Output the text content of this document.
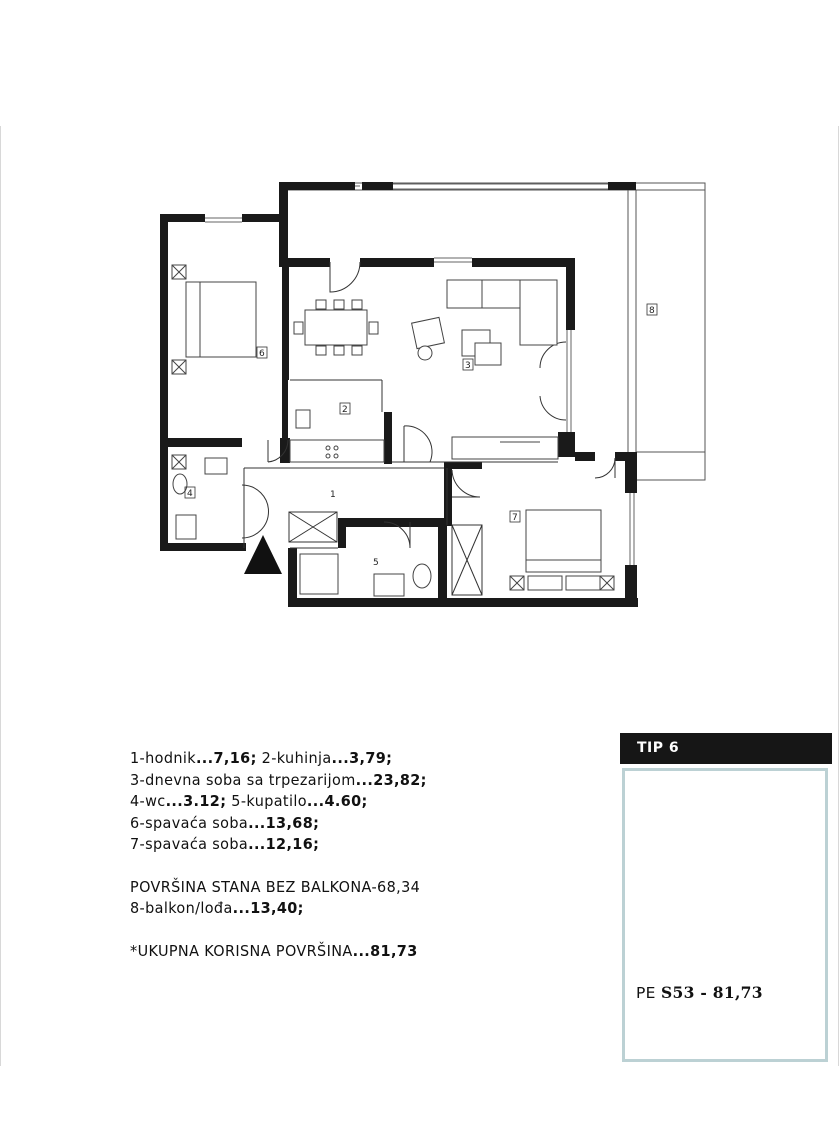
1
2
3
4
5
6
7
8
1-hodnik...7,16; 2-kuhinja...3,79;
3-dnevna soba sa trpezarijom...23,82;
4-wc...3.12; 5-kupatilo...4.60;
6-spavaća soba...13,68;
7-spavaća soba...12,16;
POVRŠINA STANA BEZ BALKONA-68,34
8-balkon/lođa...13,40;
*UKUPNA KORISNA POVRŠINA...81,73
TIP 6
PE S53 - 81,73
